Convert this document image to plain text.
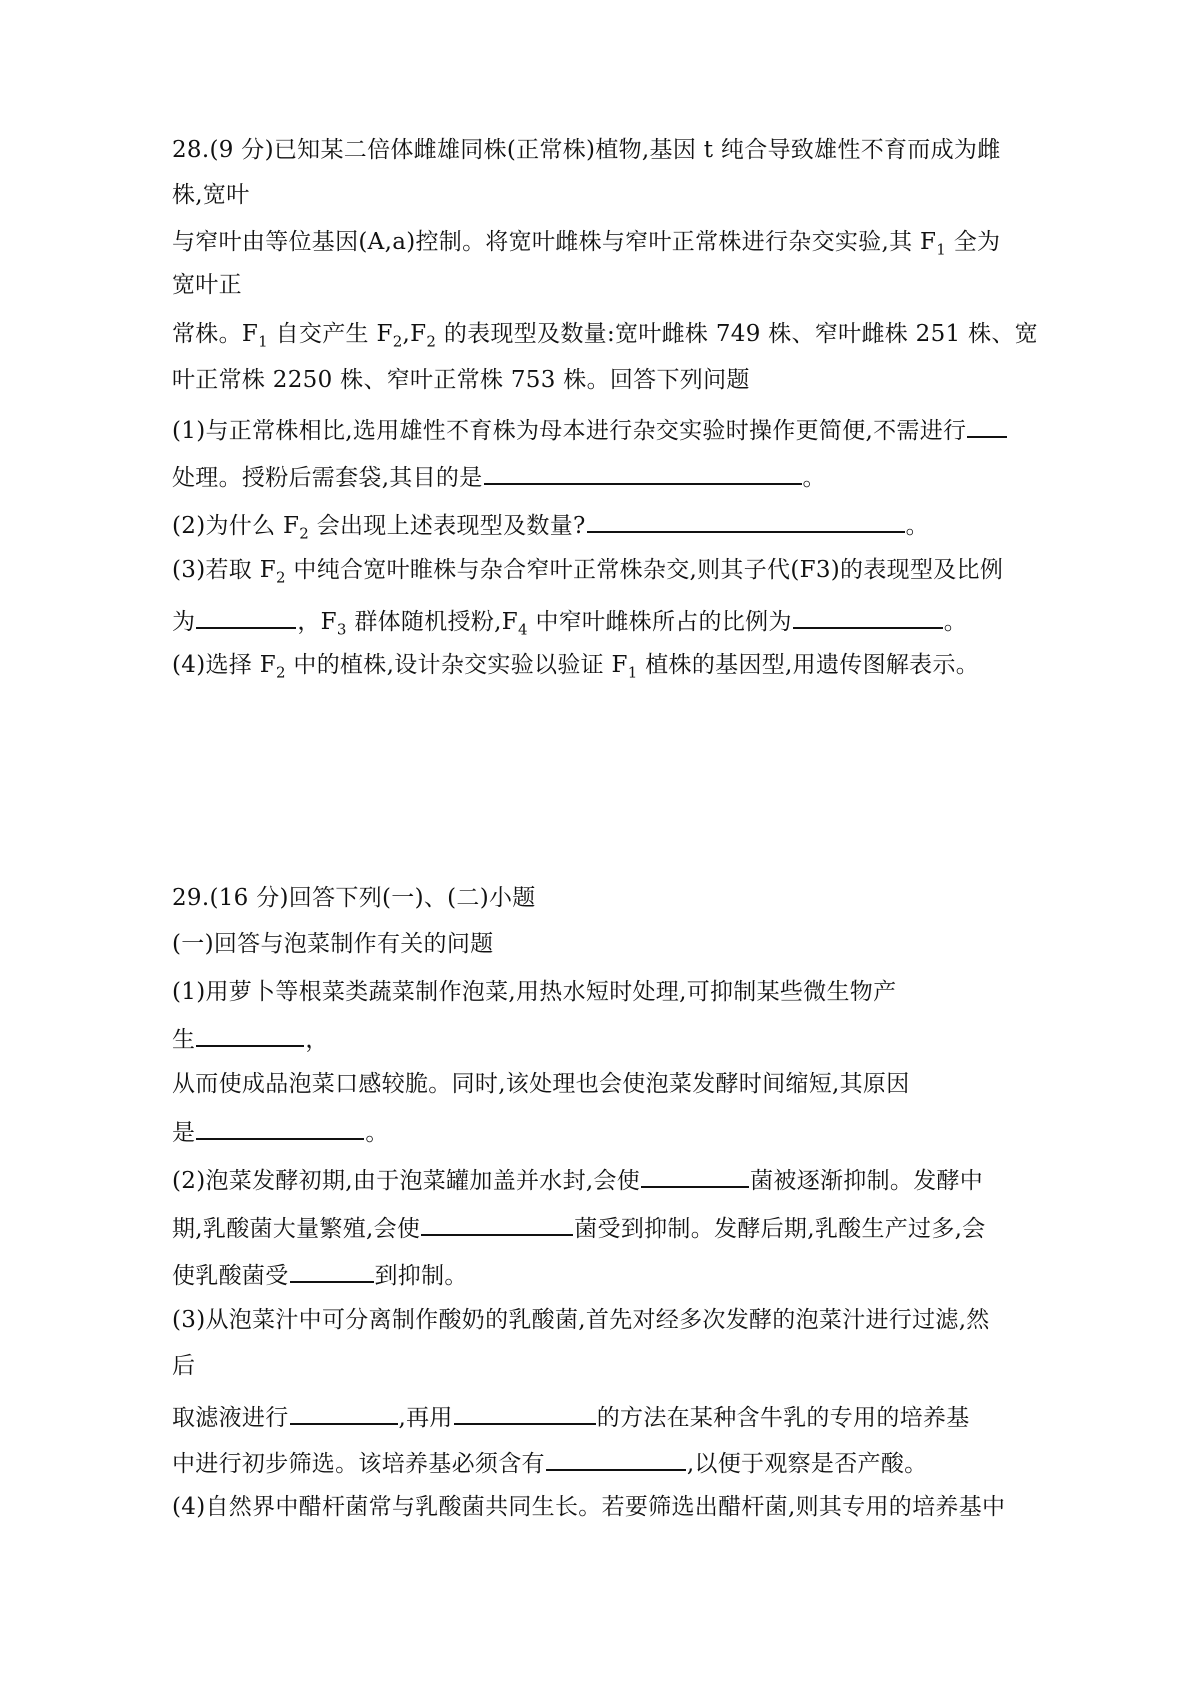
28.(9 分)已知某二倍体雌雄同株(正常株)植物,基因 t 纯合导致雄性不育而成为雌
株,宽叶
与窄叶由等位基因(A,a)控制。将宽叶雌株与窄叶正常株进行杂交实验,其 $F_1$ 全为
宽叶正
常株。$F_1$ 自交产生 $F_2,F_2$ 的表现型及数量:宽叶雌株 749 株、窄叶雌株 251 株、宽
叶正常株 2250 株、窄叶正常株 753 株。回答下列问题
(1)与正常株相比,选用雄性不育株为母本进行杂交实验时操作更简便,不需进行
处理。授粉后需套袋,其目的是	。
(2)为什么 $F_2$ 会出现上述表现型及数量?	。
(3)若取 $F_2$ 中纯合宽叶睢株与杂合窄叶正常株杂交,则其子代(F3)的表现型及比例
为	，$F_3$ 群体随机授粉$,F_4$ 中窄叶雌株所占的比例为	。
(4)选择 $F_2$ 中的植株,设计杂交实验以验证 $F_1$ 植株的基因型,用遗传图解表示。
29.(16 分)回答下列(一)、(二)小题
(一)回答与泡菜制作有关的问题
(1)用萝卜等根菜类蔬菜制作泡菜,用热水短时处理,可抑制某些微生物产
生	，
从而使成品泡菜口感较脆。同时,该处理也会使泡菜发酵时间缩短,其原因
是	。
(2)泡菜发酵初期,由于泡菜罐加盖并水封,会使	菌被逐渐抑制。发酵中
期,乳酸菌大量繁殖,会使	菌受到抑制。发酵后期,乳酸生产过多,会
使乳酸菌受	到抑制。
(3)从泡菜汁中可分离制作酸奶的乳酸菌,首先对经多次发酵的泡菜汁进行过滤,然
后
取滤液进行	,再用	的方法在某种含牛乳的专用的培养基
中进行初步筛选。该培养基必须含有	,以便于观察是否产酸。
(4)自然界中醋杆菌常与乳酸菌共同生长。若要筛选出醋杆菌,则其专用的培养基中
